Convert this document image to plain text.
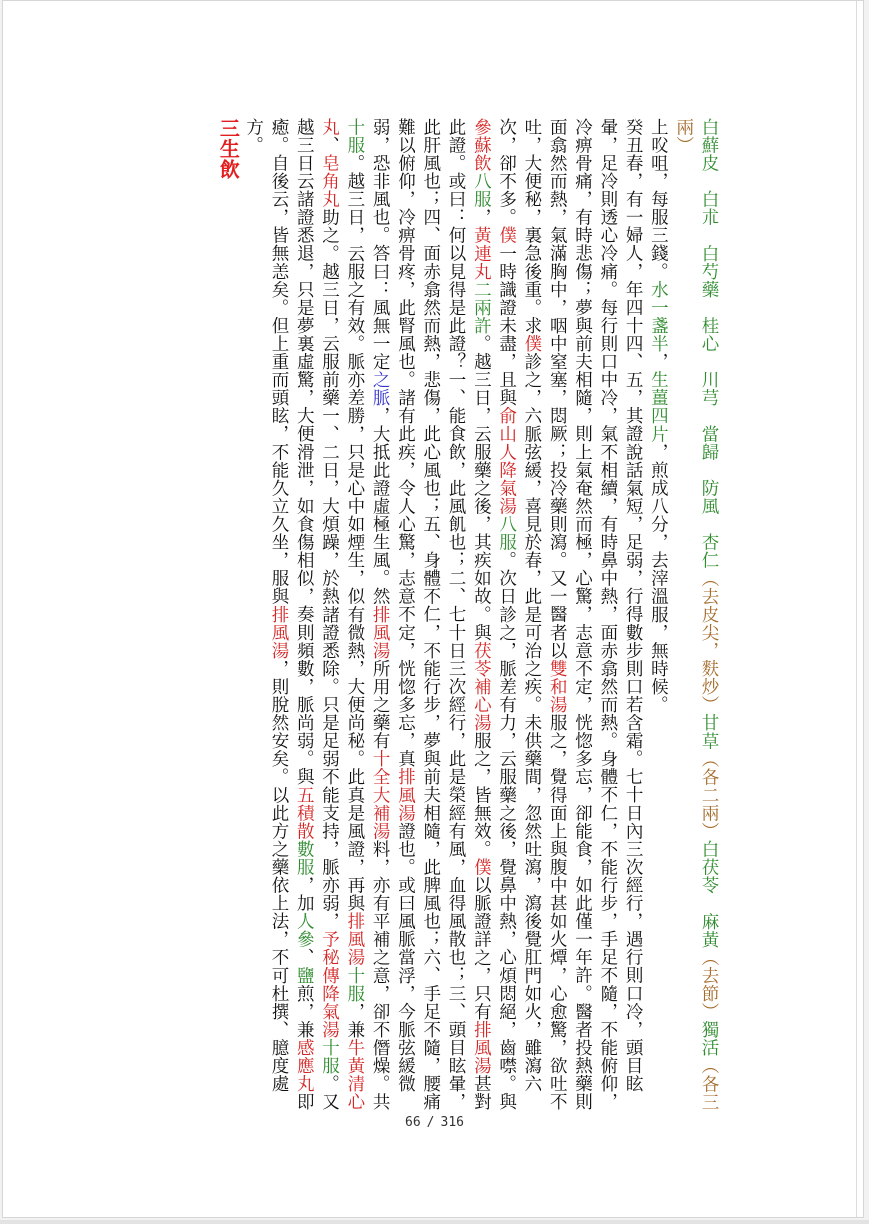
白蘚皮　白朮　白芍藥　桂心　川芎　當歸　防風　杏仁（去皮尖，麩炒）甘草（各二兩）白茯苓　麻黃（去節）獨活（各三兩）

上㕮咀，每服三錢。水一盞半，生薑四片，煎成八分，去滓溫服，無時候。

癸丑春，有一婦人，年四十四、五，其證說話氣短，足弱，行得數步則口若含霜。七十日內三次經行，遇行則口冷，頭目眩暈，足冷則透心冷痛。每行則口中冷，氣不相續，有時鼻中熱，面赤翕然而熱。身體不仁，不能行步，手足不隨，不能俯仰，冷痹骨痛，有時悲傷；夢與前夫相隨，則上氣奄然而極，心驚，志意不定，恍惚多忘，卻能食，如此僅一年許。醫者投熱藥則面翕然而熱，氣滿胸中，咽中窒塞，悶厥；投冷藥則瀉。又一醫者以雙和湯服之，覺得面上與腹中甚如火燂，心愈驚，欲吐不吐，大便秘，裏急後重。求僕診之，六脈弦緩，喜見於春，此是可治之疾。未供藥間，忽然吐瀉，瀉後覺肛門如火，雖瀉六次，卻不多。僕一時識證未盡，且與俞山人降氣湯八服。次日診之，脈差有力，云服藥之後，覺鼻中熱，心煩悶絕，齒噤。與參蘇飲八服，黃連丸二兩許。越三日，云服藥之後，其疾如故。與茯苓補心湯服之，皆無效。僕以脈證詳之，只有排風湯甚對此證。或曰：何以見得是此證？一、能食飲，此風飢也；二、七十日三次經行，此是榮經有風，血得風散也；三、頭目眩暈，此肝風也；四、面赤翕然而熱，悲傷，此心風也；五、身體不仁，不能行步，夢與前夫相隨，此脾風也；六、手足不隨，腰痛難以俯仰，冷痹骨疼，此腎風也。諸有此疾，令人心驚，志意不定，恍惚多忘，真排風湯證也。或曰風脈當浮，今脈弦緩微弱，恐非風也。答曰：風無一定之脈，大抵此證虛極生風。然排風湯所用之藥有十全大補湯料，亦有平補之意，卻不僭燥。共十服。越三日，云服之有效。脈亦差勝，只是心中如煙生，似有微熱，大便尚秘。此真是風證，再與排風湯十服，兼牛黃清心丸、皂角丸助之。越三日，云服前藥一、二日，大煩躁，於熱諸證悉除。只是足弱不能支持，脈亦弱，予秘傳降氣湯十服。又越三日云諸證悉退，只是夢裏虛驚，大便滑泄，如食傷相似，奏則頻數，脈尚弱。與五積散數服，加人參、鹽煎，兼感應丸即癒。自後云，皆無恙矣。但上重而頭眩，不能久立久坐，服與排風湯，則脫然安矣。以此方之藥依上法，不可杜撰、臆度處方。

三生飲

66 / 316
